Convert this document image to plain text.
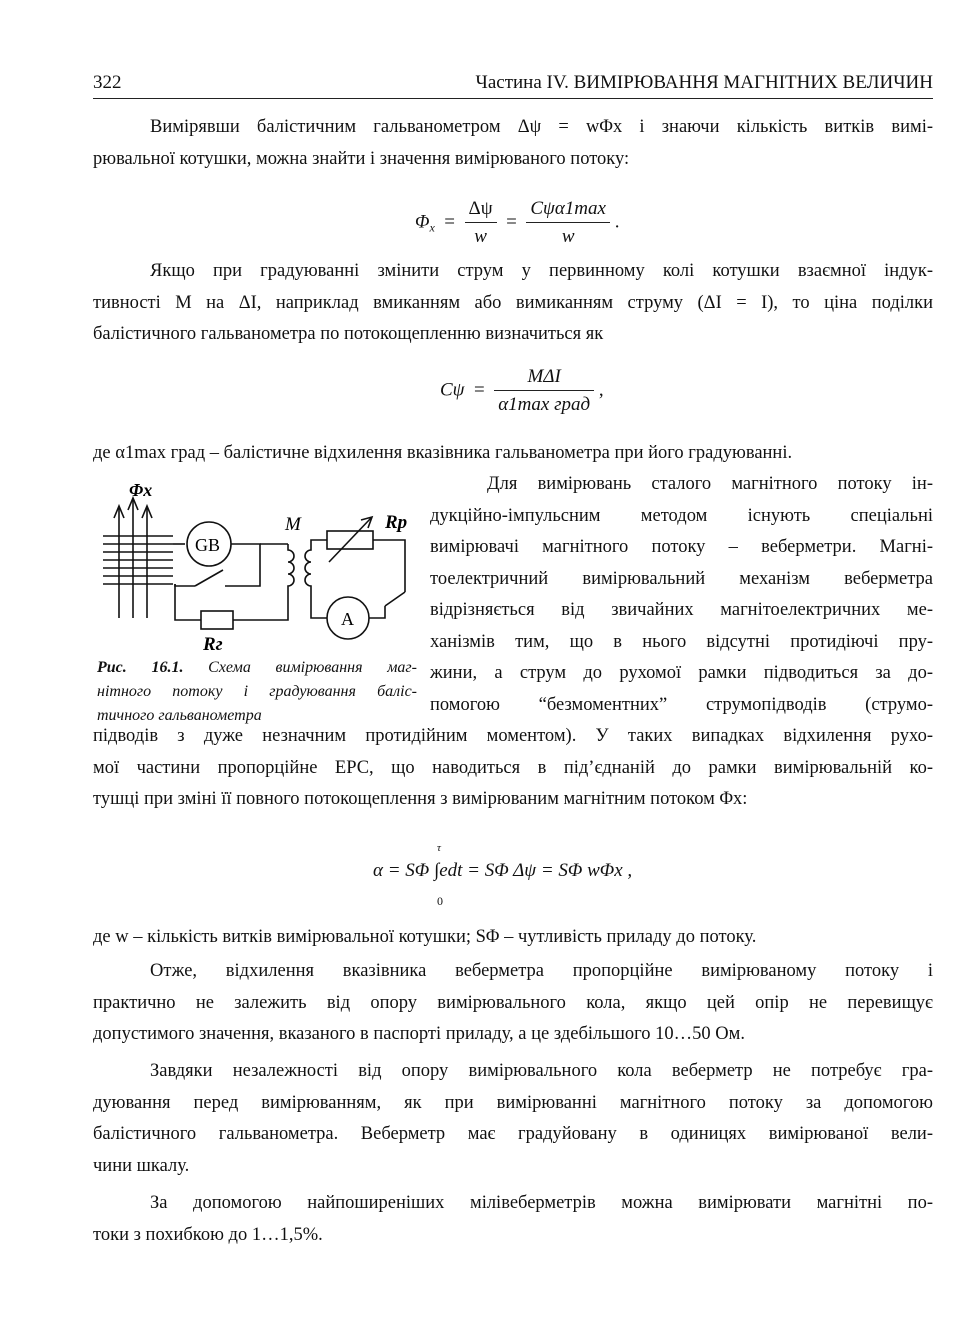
322	Частина IV. ВИМІРЮВАННЯ МАГНІТНИХ ВЕЛИЧИН
Вимірявши балістичним гальванометром Δψ = wΦx і знаючи кількість витків вимі-
рювальної котушки, можна знайти і значення вимірюваного потоку:
$\Phi_x = \frac{\Delta\psi}{w} = \frac{\text{Cψα1max}}{w}$ .
Якщо при градуюванні змінити струм у первинному колі котушки взаємної індук-
тивності M на ΔI, наприклад вмиканням або вимиканням струму (ΔI = I), то ціна поділки
балістичного гальванометра по потокощепленню визначиться як
$C\psi = \frac{\text{MΔI}}{\text{α1max град}}$ ,
де α1max град – балістичне відхилення вказівника гальванометра при його градуюванні.
Φx
GB
M	Rp
A
Rг
Рис. 16.1. Схема вимірювання маг-
нітного потоку і градуювання баліс-
тичного гальванометра
Для вимірювань сталого магнітного потоку ін-
дукційно-імпульсним методом існують спеціальні
вимірювачі магнітного потоку – веберметри. Магні-
тоелектричний вимірювальний механізм веберметра
відрізняється від звичайних магнітоелектричних ме-
ханізмів тим, що в нього відсутні протидіючі пру-
жини, а струм до рухомої рамки підводиться за до-
помогою “безмоментних” струмопідводів (струмо-
підводів з дуже незначним протидійним моментом). У таких випадках відхилення рухо-
мої частини пропорційне ЕРС, що наводиться в під’єднаній до рамки вимірювальній ко-
тушці при зміні її повного потокощеплення з вимірюваним магнітним потоком Φx:
τ
α = SΦ ∫edt = SΦ Δψ = SΦ wΦx ,
0
де w – кількість витків вимірювальної котушки; SΦ – чутливість приладу до потоку.
Отже, відхилення вказівника веберметра пропорційне вимірюваному потоку і
практично не залежить від опору вимірювального кола, якщо цей опір не перевищує
допустимого значення, вказаного в паспорті приладу, а це здебільшого 10…50 Ом.
Завдяки незалежності від опору вимірювального кола веберметр не потребує гра-
дуювання перед вимірюванням, як при вимірюванні магнітного потоку за допомогою
балістичного гальванометра. Веберметр має градуйовану в одиницях вимірюваної вели-
чини шкалу.
За допомогою найпоширеніших мілівеберметрів можна вимірювати магнітні по-
токи з похибкою до 1…1,5%.
